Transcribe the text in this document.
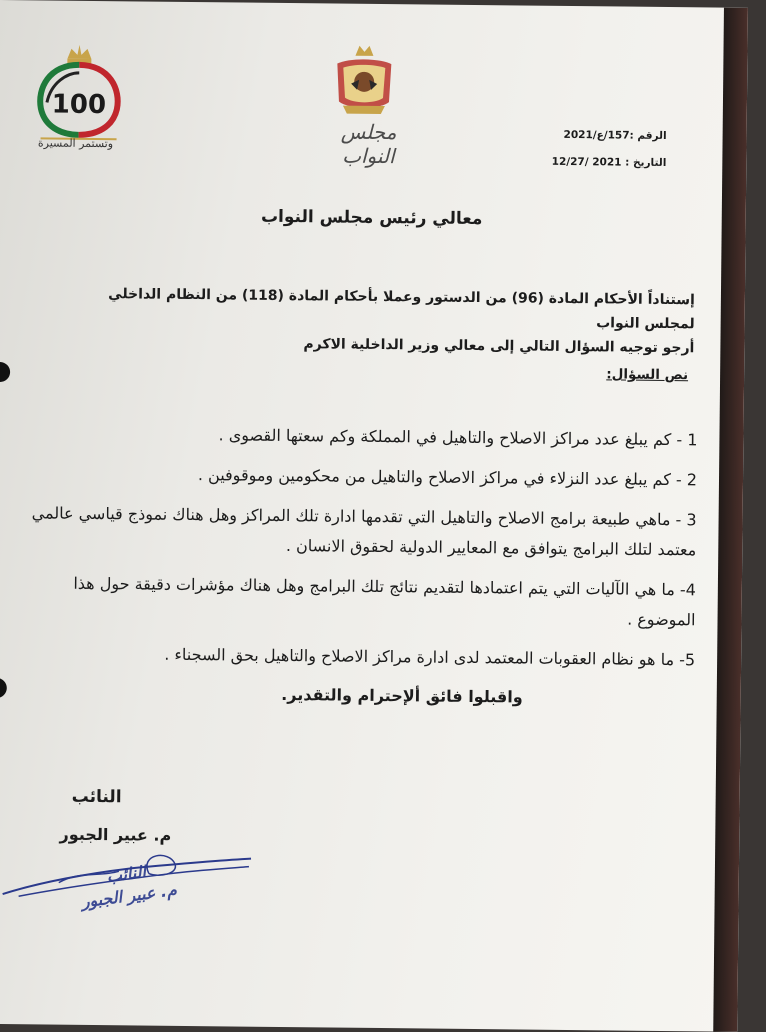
100
وتستمر المسيرة	مجلس النواب
الرقم :157/ع/2021
التاريخ : 2021 /12/27
معالي رئيس مجلس النواب
إستناداً الأحكام المادة (96) من الدستور وعملا بأحكام المادة (118) من النظام الداخلي لمجلس النواب
أرجو توجيه السؤال التالي إلى معالي وزير الداخلية الاكرم
نص السؤال:
1 - كم يبلغ عدد مراكز الاصلاح والتاهيل في المملكة وكم سعتها القصوى .
2 - كم يبلغ عدد النزلاء في مراكز الاصلاح والتاهيل من محكومين وموقوفين .
3 - ماهي طبيعة برامج الاصلاح والتاهيل التي تقدمها ادارة تلك المراكز وهل هناك نموذج قياسي عالمي معتمد لتلك البرامج يتوافق مع المعايير الدولية لحقوق الانسان .
4- ما هي الآليات التي يتم اعتمادها لتقديم نتائج تلك البرامج وهل هناك مؤشرات دقيقة حول هذا الموضوع .
5- ما هو نظام العقوبات المعتمد لدى ادارة مراكز الاصلاح والتاهيل بحق السجناء .
واقبلوا فائق ألإحترام والتقدير.
النائب
م. عبير الجبور
النائب
م. عبير الجبور
